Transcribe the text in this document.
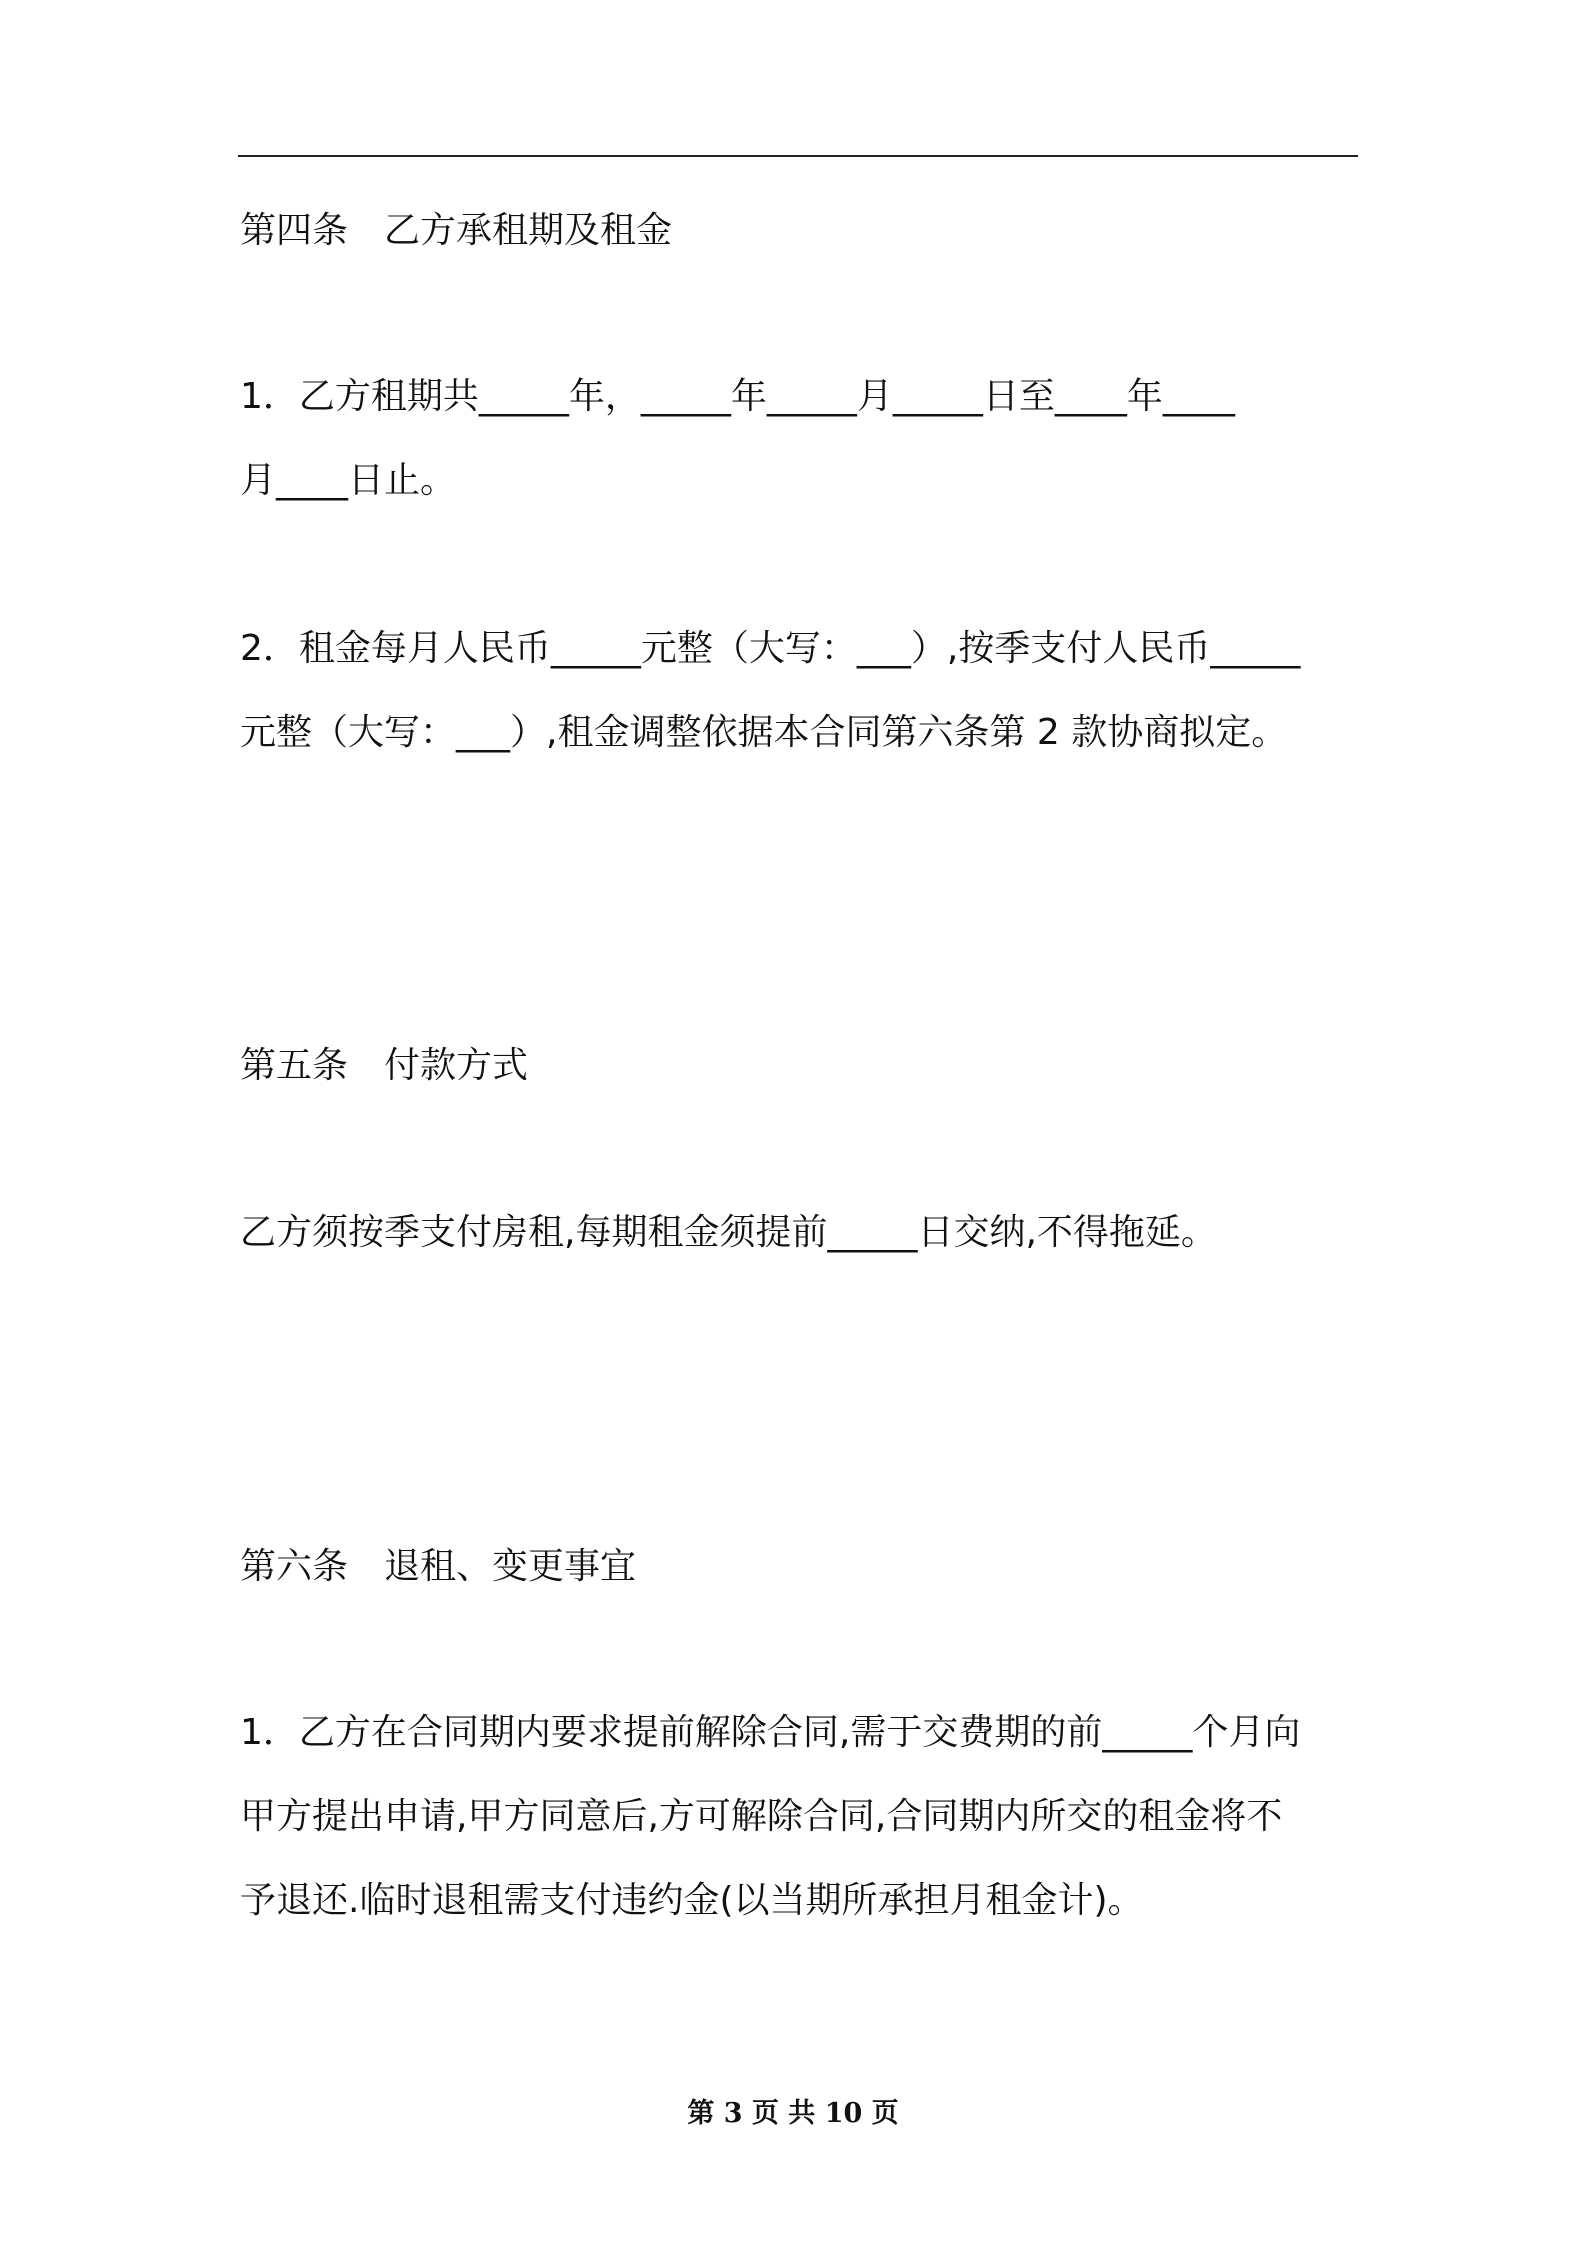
第四条　乙方承租期及租金

1．乙方租期共_____年，_____年_____月_____日至____年____
月____日止。

2．租金每月人民币_____元整（大写：___）,按季支付人民币_____
元整（大写：___）,租金调整依据本合同第六条第 2 款协商拟定。

第五条　付款方式

乙方须按季支付房租,每期租金须提前_____日交纳,不得拖延。

第六条　退租、变更事宜

1．乙方在合同期内要求提前解除合同,需于交费期的前_____个月向
甲方提出申请,甲方同意后,方可解除合同,合同期内所交的租金将不
予退还.临时退租需支付违约金(以当期所承担月租金计)。

第 3 页 共 10 页
